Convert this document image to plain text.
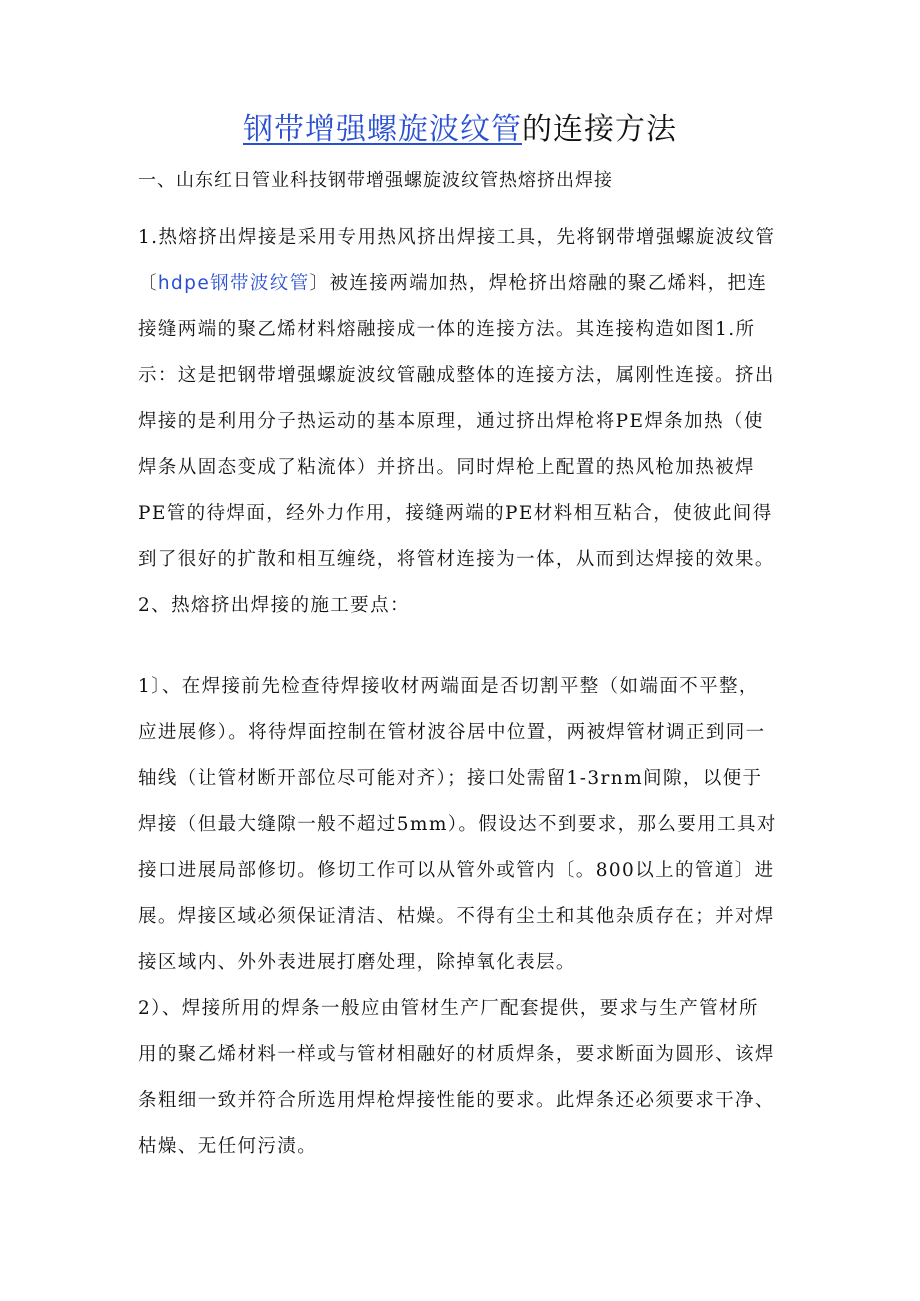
钢带增强螺旋波纹管的连接方法
一、山东红日管业科技钢带增强螺旋波纹管热熔挤出焊接
1.热熔挤出焊接是采用专用热风挤出焊接工具，先将钢带增强螺旋波纹管
〔hdpe钢带波纹管〕被连接两端加热，焊枪挤出熔融的聚乙烯料，把连
接缝两端的聚乙烯材料熔融接成一体的连接方法。其连接构造如图1.所
示：这是把钢带增强螺旋波纹管融成整体的连接方法，属刚性连接。挤出
焊接的是利用分子热运动的基本原理，通过挤出焊枪将PE焊条加热（使
焊条从固态变成了粘流体）并挤出。同时焊枪上配置的热风枪加热被焊
PE管的待焊面，经外力作用，接缝两端的PE材料相互粘合，使彼此间得
到了很好的扩散和相互缠绕，将管材连接为一体，从而到达焊接的效果。
2、热熔挤出焊接的施工要点：
1〕、在焊接前先检查待焊接收材两端面是否切割平整（如端面不平整，
应进展修）。将待焊面控制在管材波谷居中位置，两被焊管材调正到同一
轴线（让管材断开部位尽可能对齐）；接口处需留1-3rnm间隙，以便于
焊接（但最大缝隙一般不超过5mm）。假设达不到要求，那么要用工具对
接口进展局部修切。修切工作可以从管外或管内〔。800以上的管道〕进
展。焊接区域必须保证清洁、枯燥。不得有尘土和其他杂质存在；并对焊
接区域内、外外表进展打磨处理，除掉氧化表层。
2）、焊接所用的焊条一般应由管材生产厂配套提供，要求与生产管材所
用的聚乙烯材料一样或与管材相融好的材质焊条，要求断面为圆形、该焊
条粗细一致并符合所选用焊枪焊接性能的要求。此焊条还必须要求干净、
枯燥、无任何污渍。
